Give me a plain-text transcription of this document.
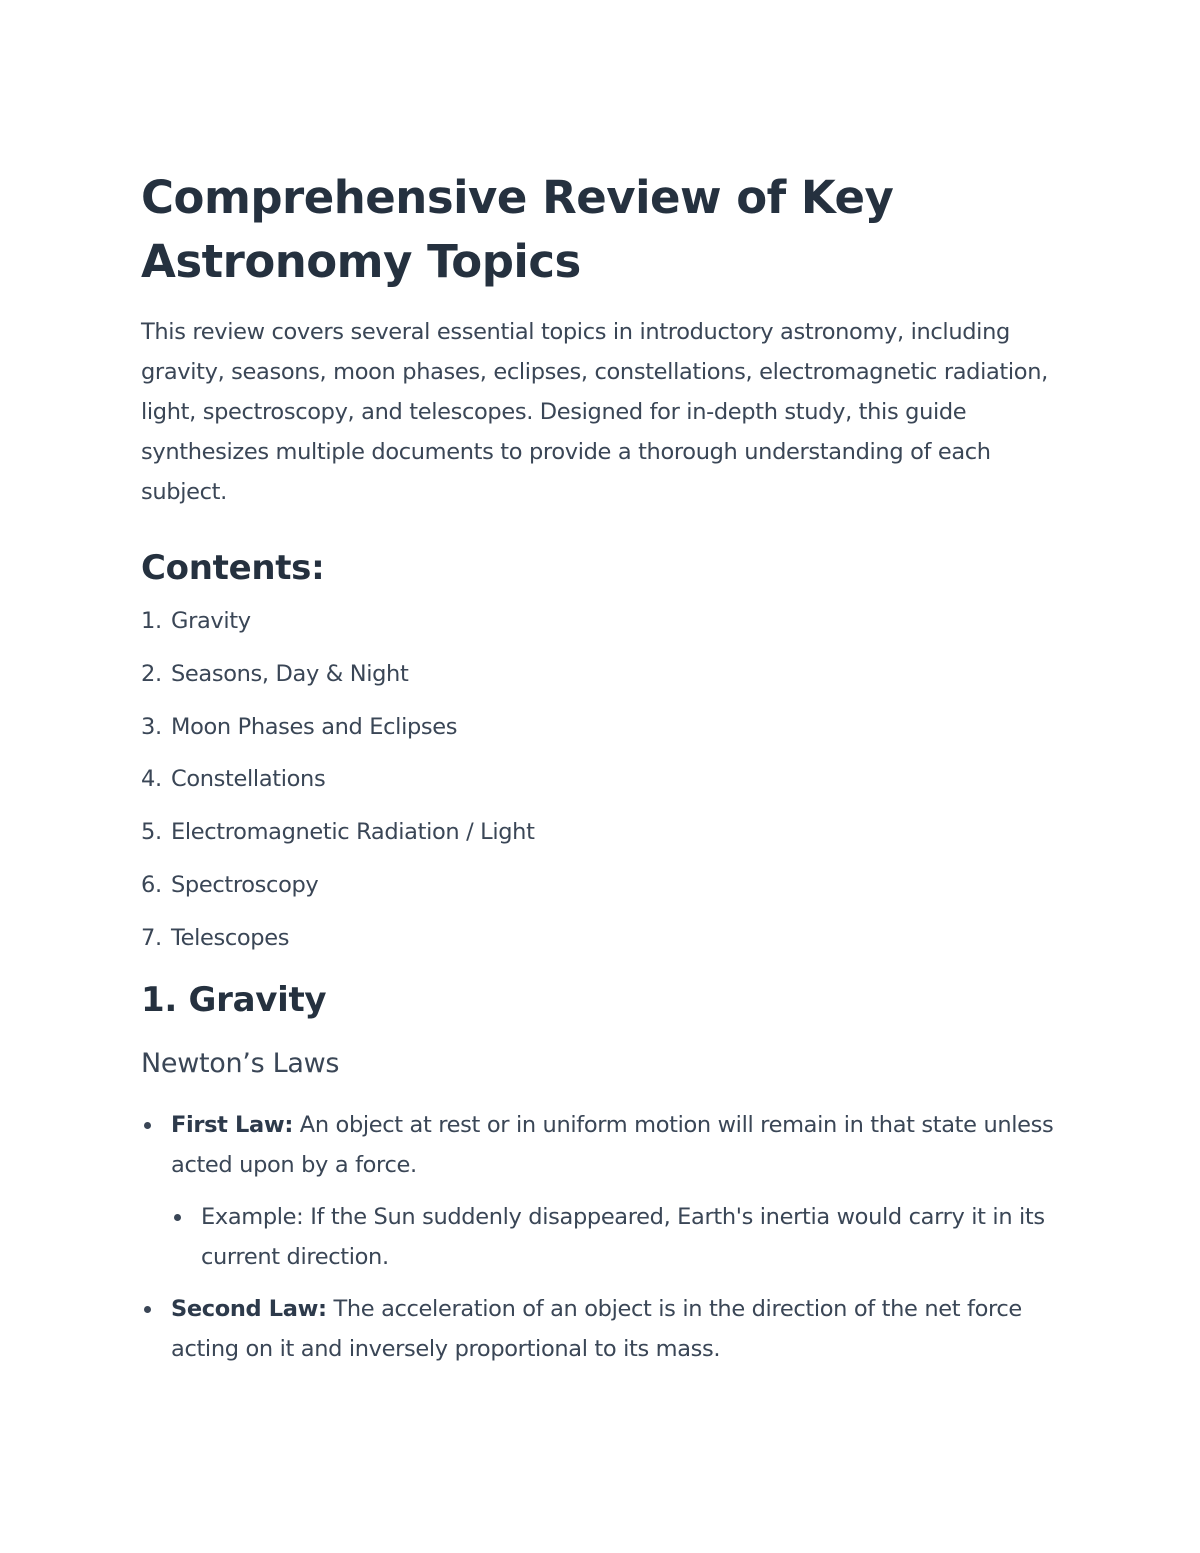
Comprehensive Review of Key Astronomy Topics

This review covers several essential topics in introductory astronomy, including gravity, seasons, moon phases, eclipses, constellations, electromagnetic radiation, light, spectroscopy, and telescopes. Designed for in-depth study, this guide synthesizes multiple documents to provide a thorough understanding of each subject.

Contents:
1. Gravity
2. Seasons, Day & Night
3. Moon Phases and Eclipses
4. Constellations
5. Electromagnetic Radiation / Light
6. Spectroscopy
7. Telescopes
1. Gravity
Newton’s Laws
First Law: An object at rest or in uniform motion will remain in that state unless acted upon by a force.
Example: If the Sun suddenly disappeared, Earth's inertia would carry it in its current direction.
Second Law: The acceleration of an object is in the direction of the net force acting on it and inversely proportional to its mass.
